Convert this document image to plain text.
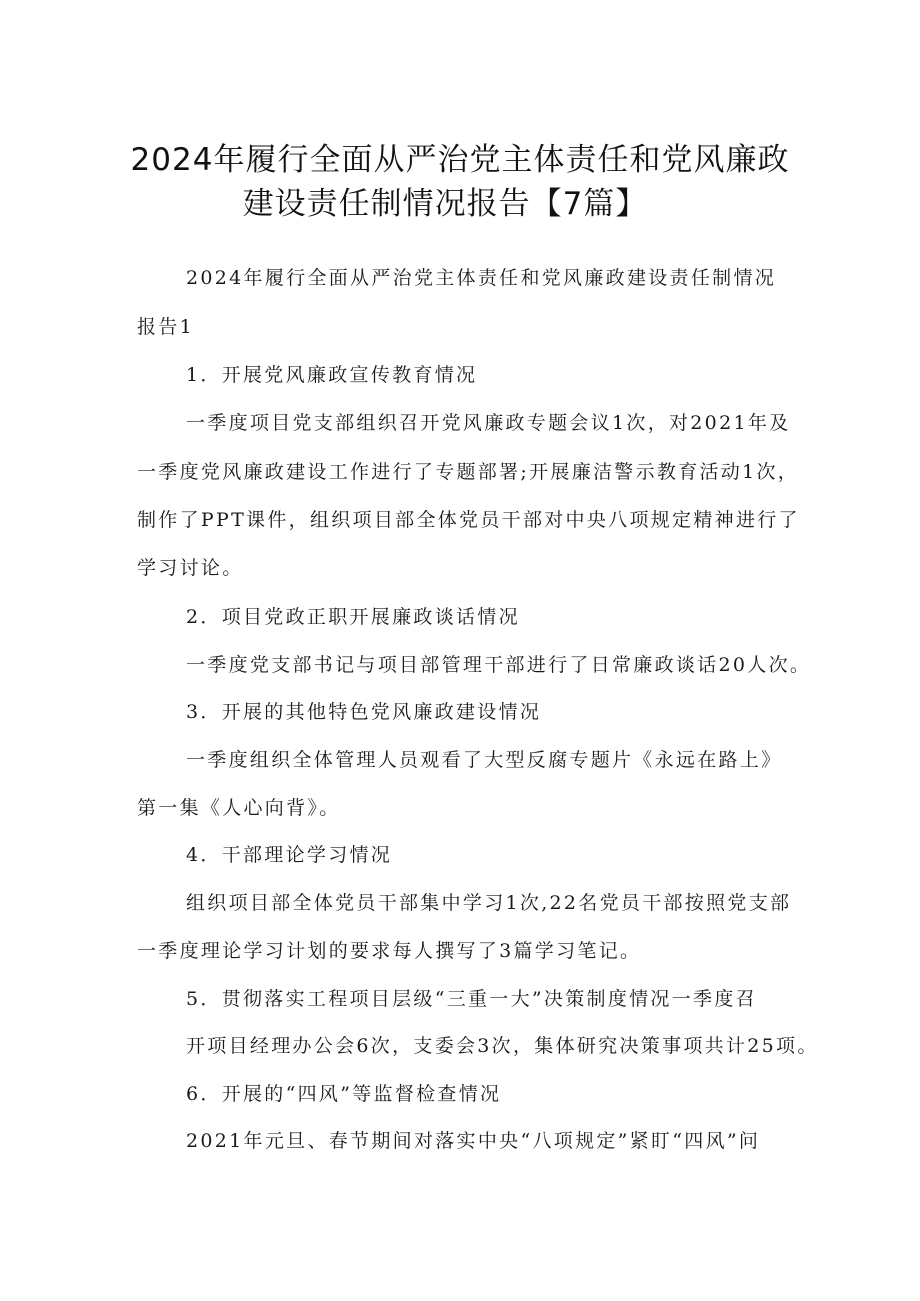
2024年履行全面从严治党主体责任和党风廉政
建设责任制情况报告【7篇】
2024年履行全面从严治党主体责任和党风廉政建设责任制情况
报告1
1．开展党风廉政宣传教育情况
一季度项目党支部组织召开党风廉政专题会议1次，对2021年及
一季度党风廉政建设工作进行了专题部署;开展廉洁警示教育活动1次，
制作了PPT课件，组织项目部全体党员干部对中央八项规定精神进行了
学习讨论。
2．项目党政正职开展廉政谈话情况
一季度党支部书记与项目部管理干部进行了日常廉政谈话20人次。
3．开展的其他特色党风廉政建设情况
一季度组织全体管理人员观看了大型反腐专题片《永远在路上》
第一集《人心向背》。
4．干部理论学习情况
组织项目部全体党员干部集中学习1次,22名党员干部按照党支部
一季度理论学习计划的要求每人撰写了3篇学习笔记。
5．贯彻落实工程项目层级“三重一大”决策制度情况一季度召
开项目经理办公会6次，支委会3次，集体研究决策事项共计25项。
6．开展的“四风”等监督检查情况
2021年元旦、春节期间对落实中央“八项规定”紧盯“四风”问
